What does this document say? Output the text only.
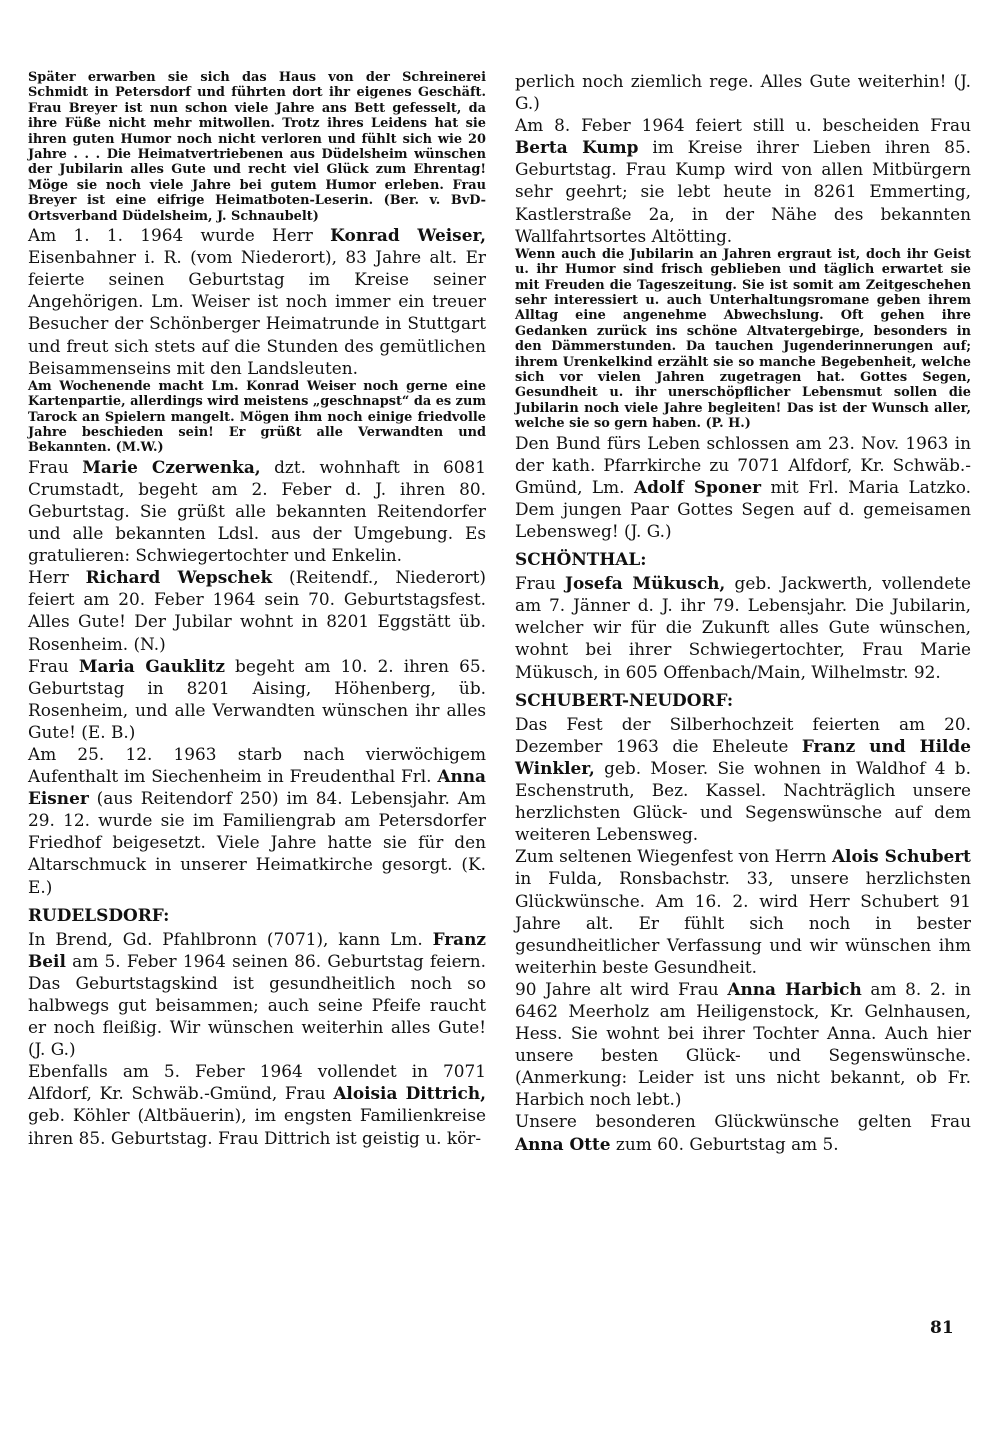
Später erwarben sie sich das Haus von der Schreinerei Schmidt in Petersdorf und führten dort ihr eigenes Geschäft. Frau Breyer ist nun schon viele Jahre ans Bett gefesselt, da ihre Füße nicht mehr mitwollen. Trotz ihres Leidens hat sie ihren guten Humor noch nicht verloren und fühlt sich wie 20 Jahre . . . Die Heimatvertriebenen aus Düdelsheim wünschen der Jubilarin alles Gute und recht viel Glück zum Ehrentag! Möge sie noch viele Jahre bei gutem Humor erleben. Frau Breyer ist eine eifrige Heimatboten-Leserin. (Ber. v. BvD-Ortsverband Düdelsheim, J. Schnaubelt)

Am 1. 1. 1964 wurde Herr Konrad Weiser, Eisenbahner i. R. (vom Niederort), 83 Jahre alt. Er feierte seinen Geburtstag im Kreise seiner Angehörigen. Lm. Weiser ist noch immer ein treuer Besucher der Schönberger Heimatrunde in Stuttgart und freut sich stets auf die Stunden des gemütlichen Beisammenseins mit den Landsleuten.

Am Wochenende macht Lm. Konrad Weiser noch gerne eine Kartenpartie, allerdings wird meistens „geschnapst“ da es zum Tarock an Spielern mangelt. Mögen ihm noch einige friedvolle Jahre beschieden sein! Er grüßt alle Verwandten und Bekannten. (M.W.)

Frau Marie Czerwenka, dzt. wohnhaft in 6081 Crumstadt, begeht am 2. Feber d. J. ihren 80. Geburtstag. Sie grüßt alle bekannten Reitendorfer und alle bekannten Ldsl. aus der Umgebung. Es gratulieren: Schwiegertochter und Enkelin.

Herr Richard Wepschek (Reitendf., Niederort) feiert am 20. Feber 1964 sein 70. Geburtstagsfest. Alles Gute! Der Jubilar wohnt in 8201 Eggstätt üb. Rosenheim. (N.)

Frau Maria Gauklitz begeht am 10. 2. ihren 65. Geburtstag in 8201 Aising, Höhenberg, üb. Rosenheim, und alle Verwandten wünschen ihr alles Gute! (E. B.)

Am 25. 12. 1963 starb nach vierwöchigem Aufenthalt im Siechenheim in Freudenthal Frl. Anna Eisner (aus Reitendorf 250) im 84. Lebensjahr. Am 29. 12. wurde sie im Familiengrab am Petersdorfer Friedhof beigesetzt. Viele Jahre hatte sie für den Altarschmuck in unserer Heimatkirche gesorgt. (K. E.)

RUDELSDORF:

In Brend, Gd. Pfahlbronn (7071), kann Lm. Franz Beil am 5. Feber 1964 seinen 86. Geburtstag feiern. Das Geburtstagskind ist gesundheitlich noch so halbwegs gut beisammen; auch seine Pfeife raucht er noch fleißig. Wir wünschen weiterhin alles Gute! (J. G.)

Ebenfalls am 5. Feber 1964 vollendet in 7071 Alfdorf, Kr. Schwäb.-Gmünd, Frau Aloisia Dittrich, geb. Köhler (Altbäuerin), im engsten Familienkreise ihren 85. Geburtstag. Frau Dittrich ist geistig u. kör-

perlich noch ziemlich rege. Alles Gute weiterhin! (J. G.)

Am 8. Feber 1964 feiert still u. bescheiden Frau Berta Kump im Kreise ihrer Lieben ihren 85. Geburtstag. Frau Kump wird von allen Mitbürgern sehr geehrt; sie lebt heute in 8261 Emmerting, Kastlerstraße 2a, in der Nähe des bekannten Wallfahrtsortes Altötting.

Wenn auch die Jubilarin an Jahren ergraut ist, doch ihr Geist u. ihr Humor sind frisch geblieben und täglich erwartet sie mit Freuden die Tageszeitung. Sie ist somit am Zeitgeschehen sehr interessiert u. auch Unterhaltungsromane geben ihrem Alltag eine angenehme Abwechslung. Oft gehen ihre Gedanken zurück ins schöne Altvatergebirge, besonders in den Dämmerstunden. Da tauchen Jugenderinnerungen auf; ihrem Urenkelkind erzählt sie so manche Begebenheit, welche sich vor vielen Jahren zugetragen hat. Gottes Segen, Gesundheit u. ihr unerschöpflicher Lebensmut sollen die Jubilarin noch viele Jahre begleiten! Das ist der Wunsch aller, welche sie so gern haben. (P. H.)

Den Bund fürs Leben schlossen am 23. Nov. 1963 in der kath. Pfarrkirche zu 7071 Alfdorf, Kr. Schwäb.-Gmünd, Lm. Adolf Sponer mit Frl. Maria Latzko. Dem jungen Paar Gottes Segen auf d. gemeisamen Lebensweg! (J. G.)

SCHÖNTHAL:

Frau Josefa Mükusch, geb. Jackwerth, vollendete am 7. Jänner d. J. ihr 79. Lebensjahr. Die Jubilarin, welcher wir für die Zukunft alles Gute wünschen, wohnt bei ihrer Schwiegertochter, Frau Marie Mükusch, in 605 Offenbach/Main, Wilhelmstr. 92.

SCHUBERT-NEUDORF:

Das Fest der Silberhochzeit feierten am 20. Dezember 1963 die Eheleute Franz und Hilde Winkler, geb. Moser. Sie wohnen in Waldhof 4 b. Eschenstruth, Bez. Kassel. Nachträglich unsere herzlichsten Glück- und Segenswünsche auf dem weiteren Lebensweg.

Zum seltenen Wiegenfest von Herrn Alois Schubert in Fulda, Ronsbachstr. 33, unsere herzlichsten Glückwünsche. Am 16. 2. wird Herr Schubert 91 Jahre alt. Er fühlt sich noch in bester gesundheitlicher Verfassung und wir wünschen ihm weiterhin beste Gesundheit.

90 Jahre alt wird Frau Anna Harbich am 8. 2. in 6462 Meerholz am Heiligenstock, Kr. Gelnhausen, Hess. Sie wohnt bei ihrer Tochter Anna. Auch hier unsere besten Glück- und Segenswünsche. (Anmerkung: Leider ist uns nicht bekannt, ob Fr. Harbich noch lebt.)

Unsere besonderen Glückwünsche gelten Frau Anna Otte zum 60. Geburtstag am 5.

81
